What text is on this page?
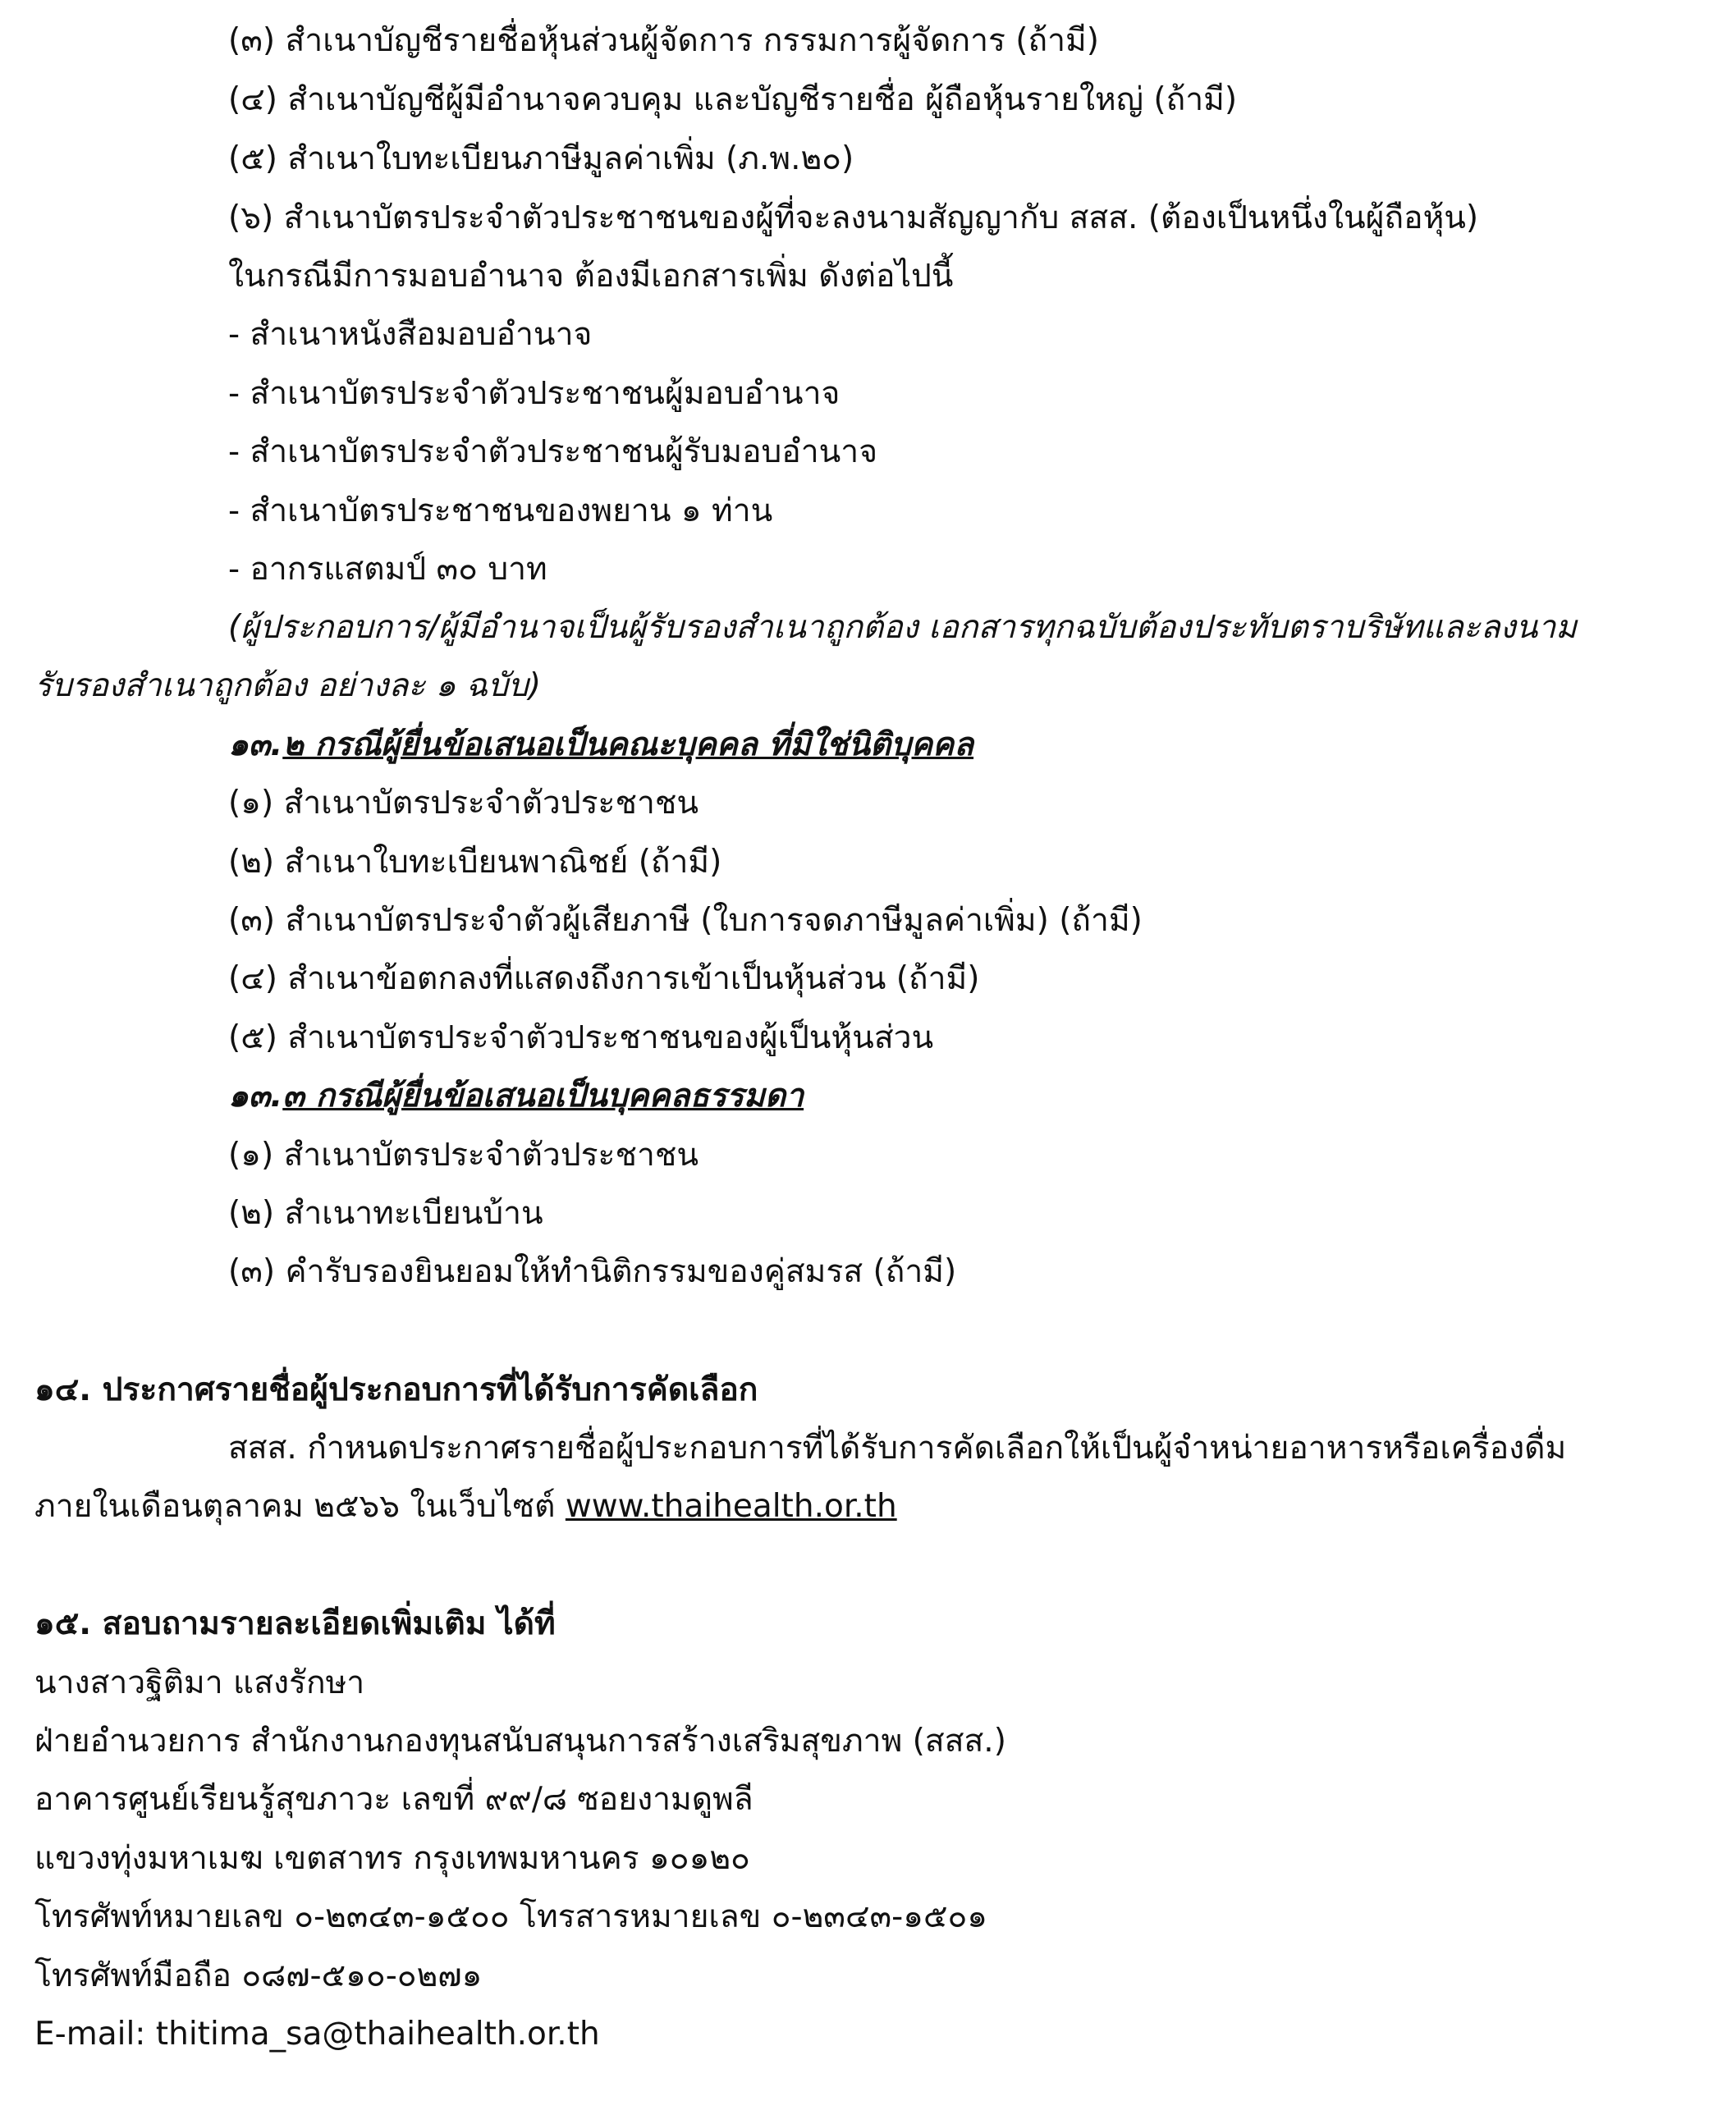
(๓) สำเนาบัญชีรายชื่อหุ้นส่วนผู้จัดการ กรรมการผู้จัดการ (ถ้ามี)
(๔) สำเนาบัญชีผู้มีอำนาจควบคุม และบัญชีรายชื่อ ผู้ถือหุ้นรายใหญ่ (ถ้ามี)
(๕) สำเนาใบทะเบียนภาษีมูลค่าเพิ่ม (ภ.พ.๒๐)
(๖) สำเนาบัตรประจำตัวประชาชนของผู้ที่จะลงนามสัญญากับ สสส. (ต้องเป็นหนึ่งในผู้ถือหุ้น)
ในกรณีมีการมอบอำนาจ ต้องมีเอกสารเพิ่ม ดังต่อไปนี้
- สำเนาหนังสือมอบอำนาจ
- สำเนาบัตรประจำตัวประชาชนผู้มอบอำนาจ
- สำเนาบัตรประจำตัวประชาชนผู้รับมอบอำนาจ
- สำเนาบัตรประชาชนของพยาน ๑ ท่าน
- อากรแสตมป์ ๓๐ บาท
(ผู้ประกอบการ/ผู้มีอำนาจเป็นผู้รับรองสำเนาถูกต้อง เอกสารทุกฉบับต้องประทับตราบริษัทและลงนาม
รับรองสำเนาถูกต้อง อย่างละ ๑ ฉบับ)
๑๓.๒ กรณีผู้ยื่นข้อเสนอเป็นคณะบุคคล ที่มิใช่นิติบุคคล
(๑) สำเนาบัตรประจำตัวประชาชน
(๒) สำเนาใบทะเบียนพาณิชย์ (ถ้ามี)
(๓) สำเนาบัตรประจำตัวผู้เสียภาษี (ใบการจดภาษีมูลค่าเพิ่ม) (ถ้ามี)
(๔) สำเนาข้อตกลงที่แสดงถึงการเข้าเป็นหุ้นส่วน (ถ้ามี)
(๕) สำเนาบัตรประจำตัวประชาชนของผู้เป็นหุ้นส่วน
๑๓.๓ กรณีผู้ยื่นข้อเสนอเป็นบุคคลธรรมดา
(๑) สำเนาบัตรประจำตัวประชาชน
(๒) สำเนาทะเบียนบ้าน
(๓) คำรับรองยินยอมให้ทำนิติกรรมของคู่สมรส (ถ้ามี)
๑๔. ประกาศรายชื่อผู้ประกอบการที่ได้รับการคัดเลือก
สสส. กำหนดประกาศรายชื่อผู้ประกอบการที่ได้รับการคัดเลือกให้เป็นผู้จำหน่ายอาหารหรือเครื่องดื่ม
ภายในเดือนตุลาคม ๒๕๖๖ ในเว็บไซต์ www.thaihealth.or.th
๑๕. สอบถามรายละเอียดเพิ่มเติม ได้ที่
นางสาวฐิติมา แสงรักษา
ฝ่ายอำนวยการ สำนักงานกองทุนสนับสนุนการสร้างเสริมสุขภาพ (สสส.)
อาคารศูนย์เรียนรู้สุขภาวะ เลขที่ ๙๙/๘ ซอยงามดูพลี
แขวงทุ่งมหาเมฆ เขตสาทร กรุงเทพมหานคร ๑๐๑๒๐
โทรศัพท์หมายเลข ๐-๒๓๔๓-๑๕๐๐ โทรสารหมายเลข ๐-๒๓๔๓-๑๕๐๑
โทรศัพท์มือถือ ๐๘๗-๕๑๐-๐๒๗๑
E-mail: thitima_sa@thaihealth.or.th
